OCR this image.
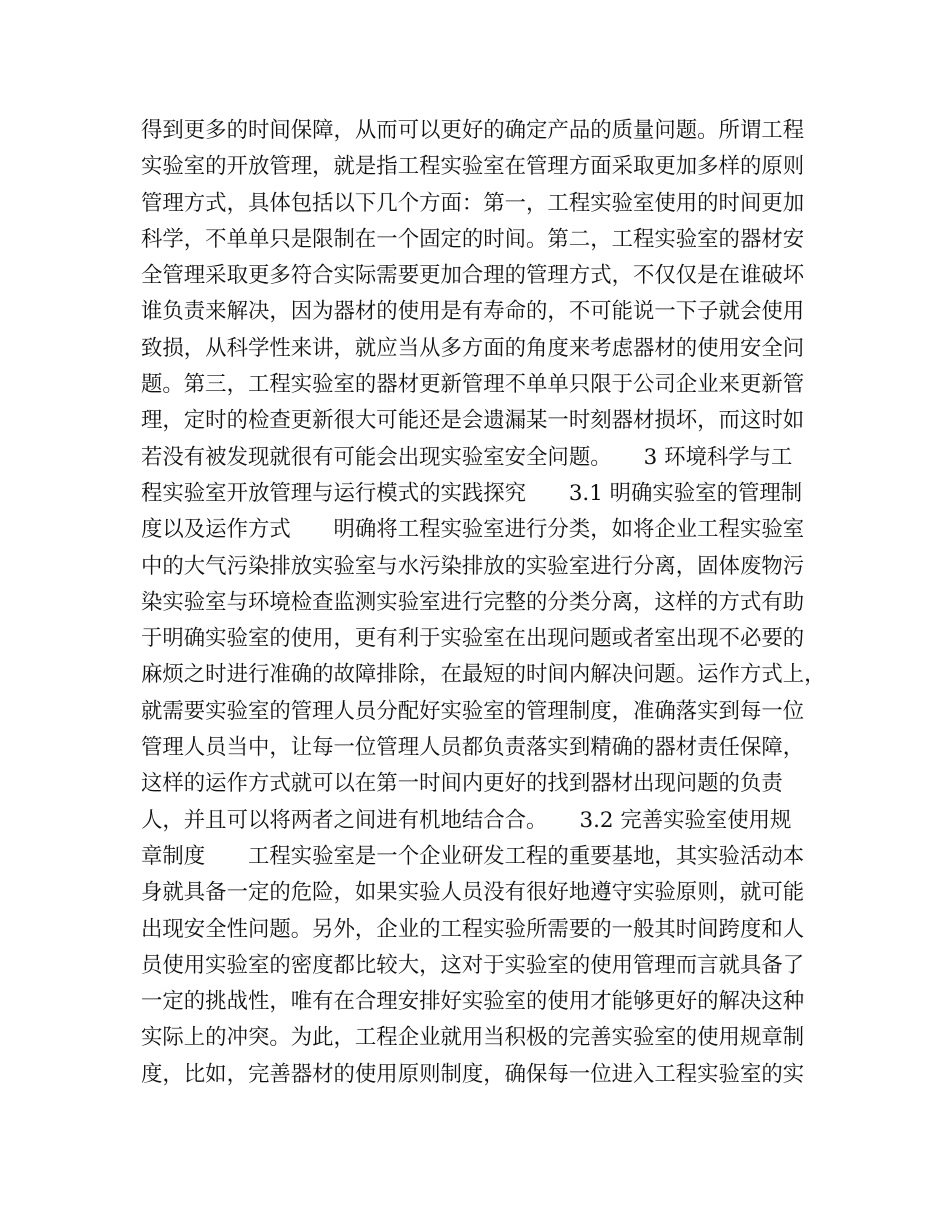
得到更多的时间保障，从而可以更好的确定产品的质量问题。所谓工程
实验室的开放管理，就是指工程实验室在管理方面采取更加多样的原则
管理方式，具体包括以下几个方面：第一，工程实验室使用的时间更加
科学，不单单只是限制在一个固定的时间。第二，工程实验室的器材安
全管理采取更多符合实际需要更加合理的管理方式，不仅仅是在谁破坏
谁负责来解决，因为器材的使用是有寿命的，不可能说一下子就会使用
致损，从科学性来讲，就应当从多方面的角度来考虑器材的使用安全问
题。第三，工程实验室的器材更新管理不单单只限于公司企业来更新管
理，定时的检查更新很大可能还是会遗漏某一时刻器材损坏，而这时如
若没有被发现就很有可能会出现实验室安全问题。　　3 环境科学与工
程实验室开放管理与运行模式的实践探究　　3.1 明确实验室的管理制
度以及运作方式　　明确将工程实验室进行分类，如将企业工程实验室
中的大气污染排放实验室与水污染排放的实验室进行分离，固体废物污
染实验室与环境检查监测实验室进行完整的分类分离，这样的方式有助
于明确实验室的使用，更有利于实验室在出现问题或者室出现不必要的
麻烦之时进行准确的故障排除，在最短的时间内解决问题。运作方式上，
就需要实验室的管理人员分配好实验室的管理制度，准确落实到每一位
管理人员当中，让每一位管理人员都负责落实到精确的器材责任保障，
这样的运作方式就可以在第一时间内更好的找到器材出现问题的负责
人，并且可以将两者之间进有机地结合合。　　3.2 完善实验室使用规
章制度　　工程实验室是一个企业研发工程的重要基地，其实验活动本
身就具备一定的危险，如果实验人员没有很好地遵守实验原则，就可能
出现安全性问题。另外，企业的工程实验所需要的一般其时间跨度和人
员使用实验室的密度都比较大，这对于实验室的使用管理而言就具备了
一定的挑战性，唯有在合理安排好实验室的使用才能够更好的解决这种
实际上的冲突。为此，工程企业就用当积极的完善实验室的使用规章制
度，比如，完善器材的使用原则制度，确保每一位进入工程实验室的实
